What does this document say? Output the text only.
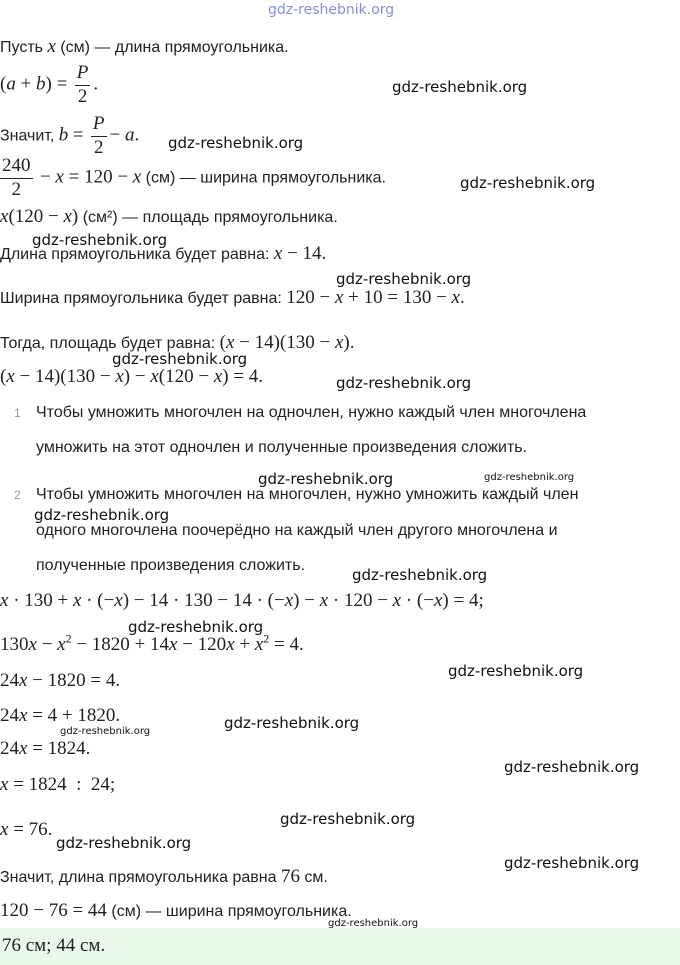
gdz-reshebnik.org
Пусть x (см) — длина прямоугольника.
$(a + b) = \frac{P}{2}$ .
Значит, $b = \frac{P}{2} - a$.
$\frac{240}{2} - x = 120 - x$ (см) — ширина прямоугольника.
x(120 − x) (см²) — площадь прямоугольника.
Длина прямоугольника будет равна: x − 14.
Ширина прямоугольника будет равна: 120 − x + 10 = 130 − x.
Тогда, площадь будет равна: (x − 14)(130 − x).
(x − 14)(130 − x) − x(120 − x) = 4.
1 Чтобы умножить многочлен на одночлен, нужно каждый член многочлена
умножить на этот одночлен и полученные произведения сложить.
2 Чтобы умножить многочлен на многочлен, нужно умножить каждый член
одного многочлена поочерёдно на каждый член другого многочлена и
полученные произведения сложить.
x · 130 + x · (−x) − 14 · 130 − 14 · (−x) − x · 120 − x · (−x) = 4;
$130x - x^2 - 1820 + 14x - 120x + x^2 = 4$.
24x − 1820 = 4.
24x = 4 + 1820.
24x = 1824.
x = 1824  :  24;
x = 76.
Значит, длина прямоугольника равна 76 см.
120 − 76 = 44 (см) — ширина прямоугольника.
76 см; 44 см.
gdz-reshebnik.org
gdz-reshebnik.org
gdz-reshebnik.org
gdz-reshebnik.org
gdz-reshebnik.org
gdz-reshebnik.org
gdz-reshebnik.org
gdz-reshebnik.org	gdz-reshebnik.org
gdz-reshebnik.org
gdz-reshebnik.org
gdz-reshebnik.org
gdz-reshebnik.org
gdz-reshebnik.org
gdz-reshebnik.org
gdz-reshebnik.org
gdz-reshebnik.org
gdz-reshebnik.org
gdz-reshebnik.org
gdz-reshebnik.org
